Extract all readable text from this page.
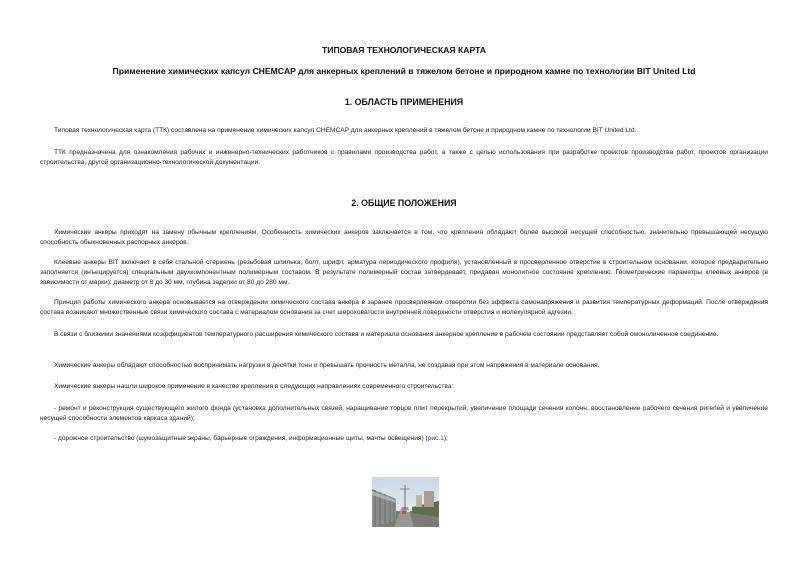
ТИПОВАЯ ТЕХНОЛОГИЧЕСКАЯ КАРТА
Применение химических капсул CHEMCAP для анкерных креплений в тяжелом бетоне и природном камне по технологии BIT United Ltd
1. ОБЛАСТЬ ПРИМЕНЕНИЯ

Типовая технологическая карта (ТТК) составлена на применение химических капсул CHEMCAP для анкерных креплений в тяжелом бетоне и природном камне по технологии BIT United Ltd.

ТТК предназначена для ознакомления рабочих и инженерно-технических работников с правилами производства работ, а также с целью использования при разработке проектов производства работ, проектов организации строительства, другой организационно-технологической документации.

2. ОБЩИЕ ПОЛОЖЕНИЯ

Химические анкеры приходят на замену обычным креплениям. Особенность химических анкеров заключается в том, что крепления обладают более высокой несущей способностью, значительно превышающей несущую способность обыкновенных распорных анкеров.

Клеевые анкеры BIT включает в себя стальной стержень (резьбовая шпилька, болт, шрифт, арматура периодического профиля), установленный в просверленное отверстие в строительном основании, которое предварительно заполняется (инъецируется) специальным двухкомпонентным полимерным составом. В результате полимерный состав затвердевает, придавая монолитное состояние креплению. Геометрические параметры клеевых анкеров (в зависимости от марки): диаметр от 8 до 30 мм, глубина заделки от 80 до 280 мм.

Принцип работы химического анкера основывается на отверждении химического состава анкера в заранее просверленном отверстии без эффекта самонапряжения и развития температурных деформаций. После отверждения состава возникают множественные связи химического состава с материалом основания за счет шероховатости внутренней поверхности отверстия и молекулярной адгезии.

В связи с близкими значениями коэффициентов температурного расширения химического состава и материала основания анкерное крепление в рабочем состоянии представляет собой омоноличенное соединение.

Химические анкеры обладают способностью воспринимать нагрузки в десятки тонн и превышать прочность металла, не создавая при этом напряжения в материале основания.

Химические анкеры нашли широкое применение в качестве крепления в следующих направлениях современного строительства:

- ремонт и реконструкция существующего жилого фонда (установка дополнительных связей, наращивание торцов плит перекрытий, увеличение площади сечения колонн, восстановление рабочего сечения ригелей и увеличение несущей способности элементов каркаса зданий);

- дорожное строительство (шумозащитные экраны, барьерные ограждения, информационные щиты, мачты освещения) (рис.1);
